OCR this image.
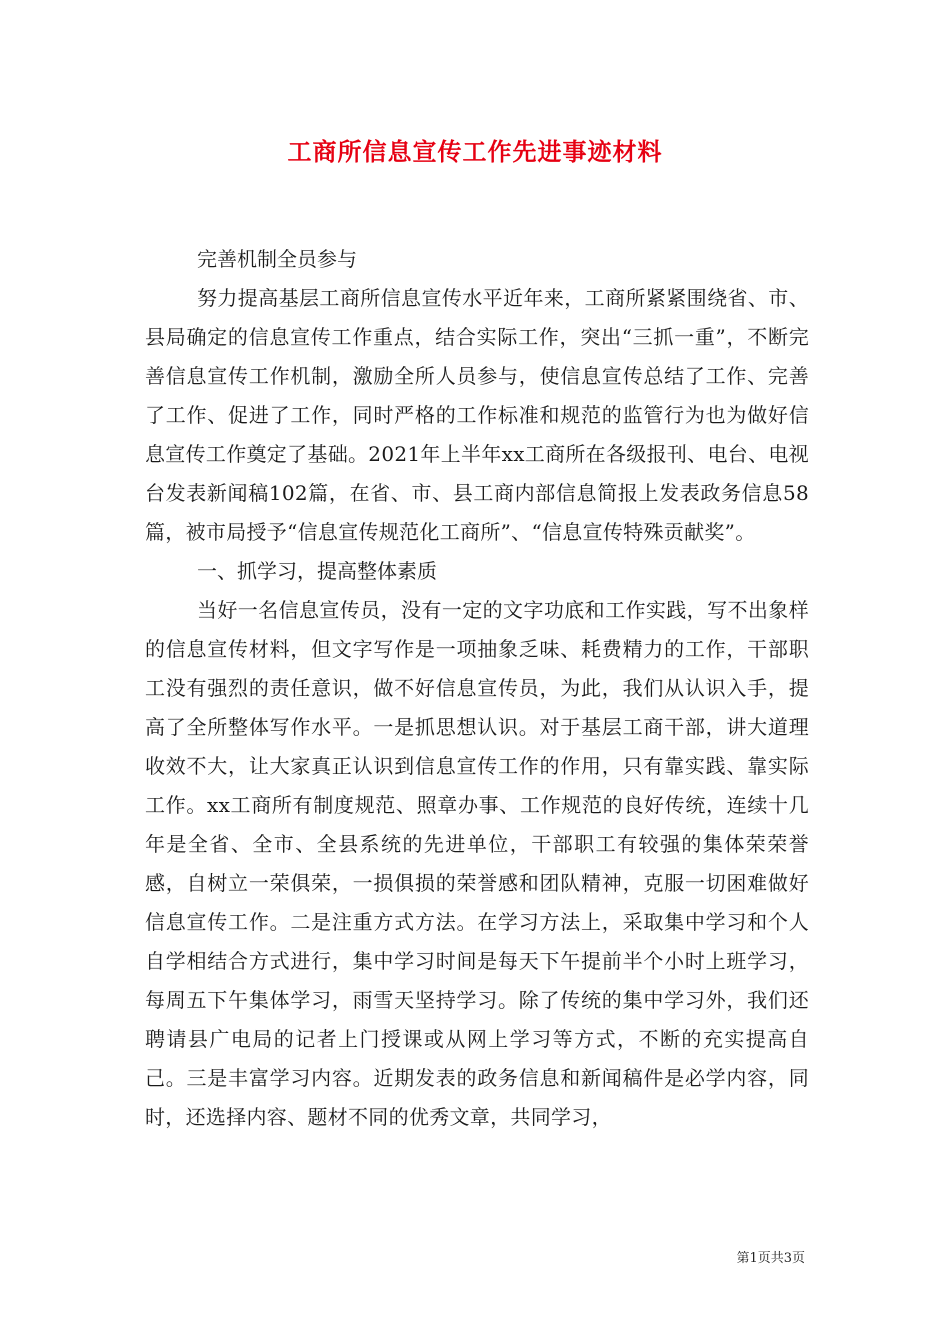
工商所信息宣传工作先进事迹材料

完善机制全员参与

努力提高基层工商所信息宣传水平近年来，工商所紧紧围绕省、市、县局确定的信息宣传工作重点，结合实际工作，突出“三抓一重”，不断完善信息宣传工作机制，激励全所人员参与，使信息宣传总结了工作、完善了工作、促进了工作，同时严格的工作标准和规范的监管行为也为做好信息宣传工作奠定了基础。2021年上半年xx工商所在各级报刊、电台、电视台发表新闻稿102篇，在省、市、县工商内部信息简报上发表政务信息58篇，被市局授予“信息宣传规范化工商所”、“信息宣传特殊贡献奖”。

一、抓学习，提高整体素质

当好一名信息宣传员，没有一定的文字功底和工作实践，写不出象样的信息宣传材料，但文字写作是一项抽象乏味、耗费精力的工作，干部职工没有强烈的责任意识，做不好信息宣传员，为此，我们从认识入手，提高了全所整体写作水平。一是抓思想认识。对于基层工商干部，讲大道理收效不大，让大家真正认识到信息宣传工作的作用，只有靠实践、靠实际工作。xx工商所有制度规范、照章办事、工作规范的良好传统，连续十几年是全省、全市、全县系统的先进单位，干部职工有较强的集体荣荣誉感，自树立一荣俱荣，一损俱损的荣誉感和团队精神，克服一切困难做好信息宣传工作。二是注重方式方法。在学习方法上，采取集中学习和个人自学相结合方式进行，集中学习时间是每天下午提前半个小时上班学习，每周五下午集体学习，雨雪天坚持学习。除了传统的集中学习外，我们还聘请县广电局的记者上门授课或从网上学习等方式，不断的充实提高自己。三是丰富学习内容。近期发表的政务信息和新闻稿件是必学内容，同时，还选择内容、题材不同的优秀文章，共同学习，

第1页共3页
